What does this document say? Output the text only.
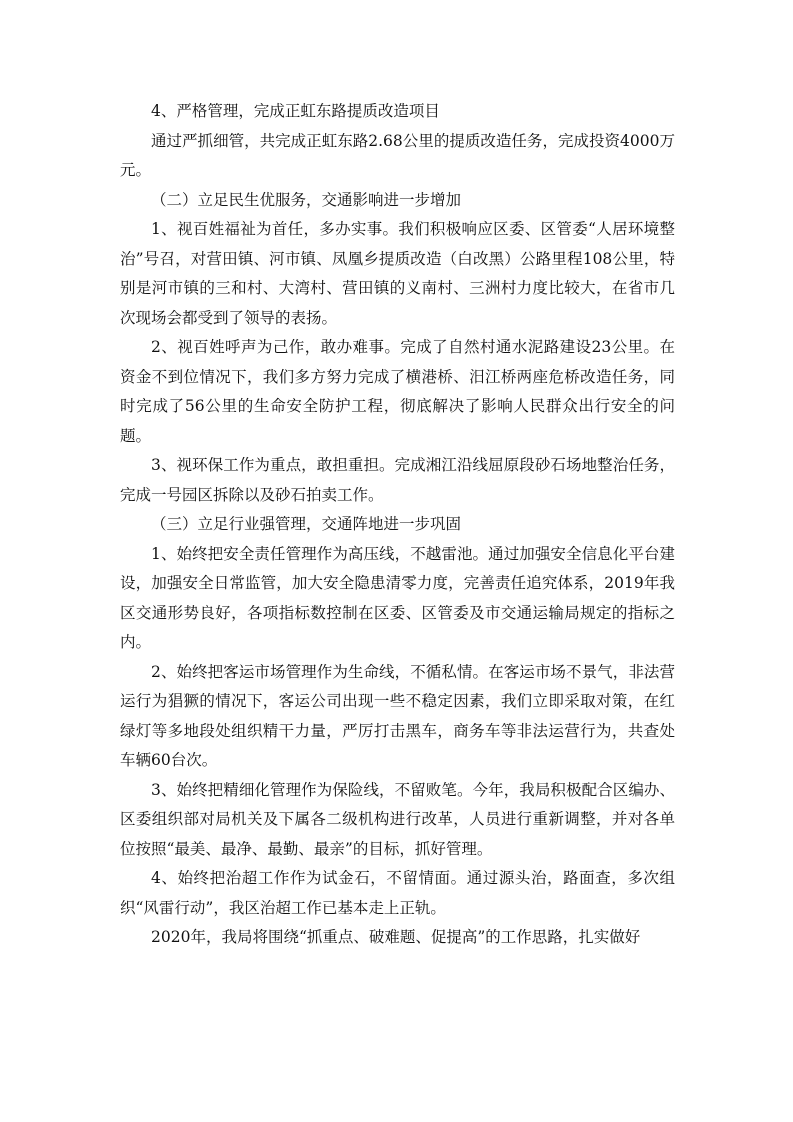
4、严格管理，完成正虹东路提质改造项目

通过严抓细管，共完成正虹东路2.68公里的提质改造任务，完成投资4000万元。

（二）立足民生优服务，交通影响进一步增加

1、视百姓福祉为首任，多办实事。我们积极响应区委、区管委“人居环境整治”号召，对营田镇、河市镇、凤凰乡提质改造（白改黑）公路里程108公里，特别是河市镇的三和村、大湾村、营田镇的义南村、三洲村力度比较大，在省市几次现场会都受到了领导的表扬。

2、视百姓呼声为己作，敢办难事。完成了自然村通水泥路建设23公里。在资金不到位情况下，我们多方努力完成了横港桥、汨江桥两座危桥改造任务，同时完成了56公里的生命安全防护工程，彻底解决了影响人民群众出行安全的问题。

3、视环保工作为重点，敢担重担。完成湘江沿线屈原段砂石场地整治任务，完成一号园区拆除以及砂石拍卖工作。

（三）立足行业强管理，交通阵地进一步巩固

1、始终把安全责任管理作为高压线，不越雷池。通过加强安全信息化平台建设，加强安全日常监管，加大安全隐患清零力度，完善责任追究体系，2019年我区交通形势良好，各项指标数控制在区委、区管委及市交通运输局规定的指标之内。

2、始终把客运市场管理作为生命线，不循私情。在客运市场不景气，非法营运行为猖獗的情况下，客运公司出现一些不稳定因素，我们立即采取对策，在红绿灯等多地段处组织精干力量，严厉打击黑车，商务车等非法运营行为，共查处车辆60台次。

3、始终把精细化管理作为保险线，不留败笔。今年，我局积极配合区编办、区委组织部对局机关及下属各二级机构进行改革，人员进行重新调整，并对各单位按照“最美、最净、最勤、最亲”的目标，抓好管理。

4、始终把治超工作作为试金石，不留情面。通过源头治，路面查，多次组织“风雷行动”，我区治超工作已基本走上正轨。

2020年，我局将围绕“抓重点、破难题、促提高”的工作思路，扎实做好
